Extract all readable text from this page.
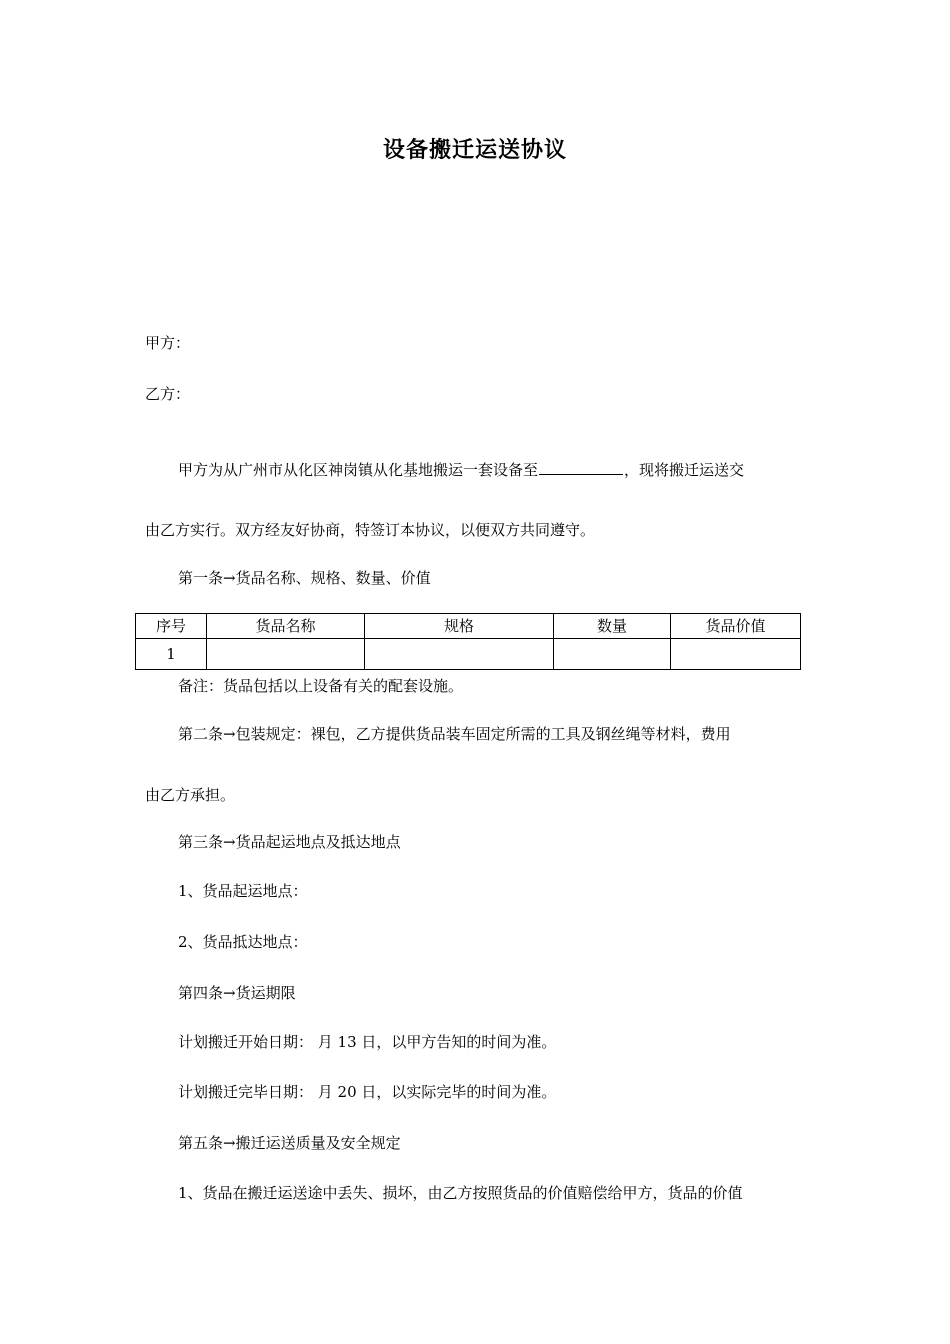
设备搬迁运送协议
甲方：
乙方：
甲方为从广州市从化区神岗镇从化基地搬运一套设备至	，现将搬迁运送交
由乙方实行。双方经友好协商，特签订本协议，以便双方共同遵守。
第一条→货品名称、规格、数量、价值
序号	货品名称	规格	数量	货品价值
1				
备注：货品包括以上设备有关的配套设施。
第二条→包装规定：裸包，乙方提供货品装车固定所需的工具及钢丝绳等材料，费用
由乙方承担。
第三条→货品起运地点及抵达地点
1、货品起运地点：
2、货品抵达地点：
第四条→货运期限
计划搬迁开始日期： 月 13 日，以甲方告知的时间为准。
计划搬迁完毕日期： 月 20 日，以实际完毕的时间为准。
第五条→搬迁运送质量及安全规定
1、货品在搬迁运送途中丢失、损坏，由乙方按照货品的价值赔偿给甲方，货品的价值
